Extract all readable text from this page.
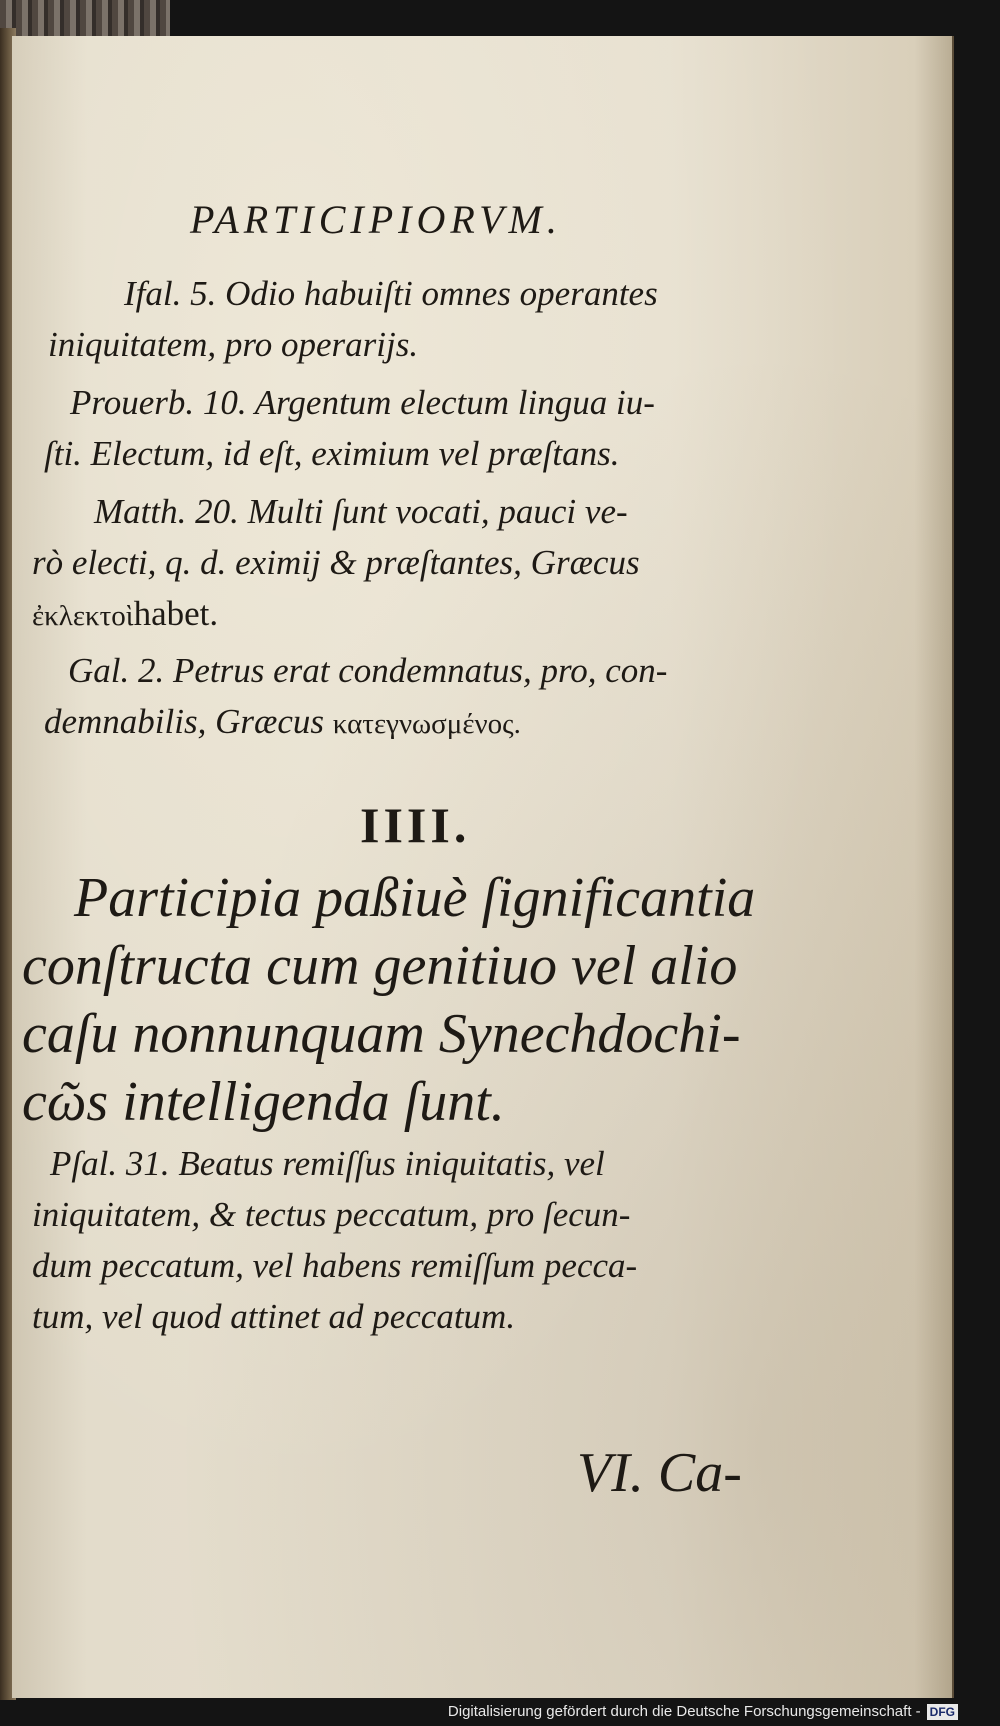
PARTICIPIORVM.
Ifal. 5. Odio habuiſti omnes operantes
iniquitatem, pro operarijs.
Prouerb. 10. Argentum electum lingua iu-
ſti. Electum, id eſt, eximium vel præſtans.
Matth. 20. Multi ſunt vocati, pauci ve-
rò electi, q. d. eximij & præſtantes, Græcus
ἐκλεκτοὶhabet.
Gal. 2. Petrus erat condemnatus, pro, con-
demnabilis, Græcus κατεγνωσμένος.
IIII.
Participia paßiuè ſignificantia
conſtructa cum genitiuo vel alio
caſu nonnunquam Synechdochi-
cῶs intelligenda ſunt.
Pſal. 31. Beatus remiſſus iniquitatis, vel
iniquitatem, & tectus peccatum, pro ſecun-
dum peccatum, vel habens remiſſum pecca-
tum, vel quod attinet ad peccatum.
VI. Ca-
Digitalisierung gefördert durch die Deutsche Forschungsgemeinschaft - DFG
